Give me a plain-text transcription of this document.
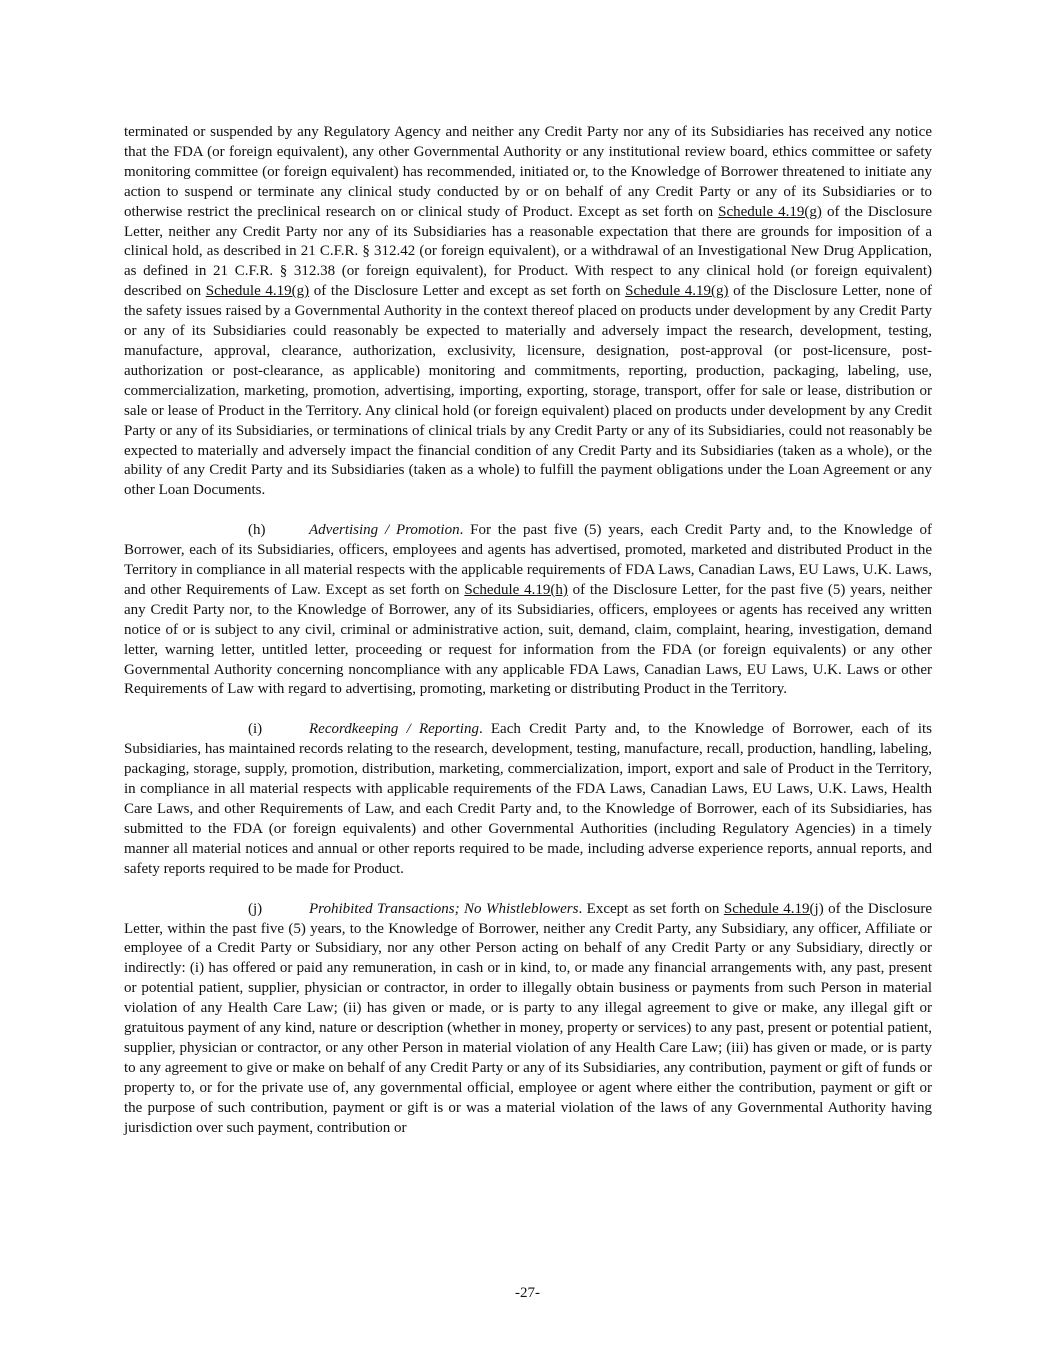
terminated or suspended by any Regulatory Agency and neither any Credit Party nor any of its Subsidiaries has received any notice that the FDA (or foreign equivalent), any other Governmental Authority or any institutional review board, ethics committee or safety monitoring committee (or foreign equivalent) has recommended, initiated or, to the Knowledge of Borrower threatened to initiate any action to suspend or terminate any clinical study conducted by or on behalf of any Credit Party or any of its Subsidiaries or to otherwise restrict the preclinical research on or clinical study of Product. Except as set forth on Schedule 4.19(g) of the Disclosure Letter, neither any Credit Party nor any of its Subsidiaries has a reasonable expectation that there are grounds for imposition of a clinical hold, as described in 21 C.F.R. § 312.42 (or foreign equivalent), or a withdrawal of an Investigational New Drug Application, as defined in 21 C.F.R. § 312.38 (or foreign equivalent), for Product. With respect to any clinical hold (or foreign equivalent) described on Schedule 4.19(g) of the Disclosure Letter and except as set forth on Schedule 4.19(g) of the Disclosure Letter, none of the safety issues raised by a Governmental Authority in the context thereof placed on products under development by any Credit Party or any of its Subsidiaries could reasonably be expected to materially and adversely impact the research, development, testing, manufacture, approval, clearance, authorization, exclusivity, licensure, designation, post-approval (or post-licensure, post-authorization or post-clearance, as applicable) monitoring and commitments, reporting, production, packaging, labeling, use, commercialization, marketing, promotion, advertising, importing, exporting, storage, transport, offer for sale or lease, distribution or sale or lease of Product in the Territory. Any clinical hold (or foreign equivalent) placed on products under development by any Credit Party or any of its Subsidiaries, or terminations of clinical trials by any Credit Party or any of its Subsidiaries, could not reasonably be expected to materially and adversely impact the financial condition of any Credit Party and its Subsidiaries (taken as a whole), or the ability of any Credit Party and its Subsidiaries (taken as a whole) to fulfill the payment obligations under the Loan Agreement or any other Loan Documents.

(h)	Advertising / Promotion. For the past five (5) years, each Credit Party and, to the Knowledge of Borrower, each of its Subsidiaries, officers, employees and agents has advertised, promoted, marketed and distributed Product in the Territory in compliance in all material respects with the applicable requirements of FDA Laws, Canadian Laws, EU Laws, U.K. Laws, and other Requirements of Law. Except as set forth on Schedule 4.19(h) of the Disclosure Letter, for the past five (5) years, neither any Credit Party nor, to the Knowledge of Borrower, any of its Subsidiaries, officers, employees or agents has received any written notice of or is subject to any civil, criminal or administrative action, suit, demand, claim, complaint, hearing, investigation, demand letter, warning letter, untitled letter, proceeding or request for information from the FDA (or foreign equivalents) or any other Governmental Authority concerning noncompliance with any applicable FDA Laws, Canadian Laws, EU Laws, U.K. Laws or other Requirements of Law with regard to advertising, promoting, marketing or distributing Product in the Territory.

(i)	Recordkeeping / Reporting. Each Credit Party and, to the Knowledge of Borrower, each of its Subsidiaries, has maintained records relating to the research, development, testing, manufacture, recall, production, handling, labeling, packaging, storage, supply, promotion, distribution, marketing, commercialization, import, export and sale of Product in the Territory, in compliance in all material respects with applicable requirements of the FDA Laws, Canadian Laws, EU Laws, U.K. Laws, Health Care Laws, and other Requirements of Law, and each Credit Party and, to the Knowledge of Borrower, each of its Subsidiaries, has submitted to the FDA (or foreign equivalents) and other Governmental Authorities (including Regulatory Agencies) in a timely manner all material notices and annual or other reports required to be made, including adverse experience reports, annual reports, and safety reports required to be made for Product.

(j)	Prohibited Transactions; No Whistleblowers. Except as set forth on Schedule 4.19(j) of the Disclosure Letter, within the past five (5) years, to the Knowledge of Borrower, neither any Credit Party, any Subsidiary, any officer, Affiliate or employee of a Credit Party or Subsidiary, nor any other Person acting on behalf of any Credit Party or any Subsidiary, directly or indirectly: (i) has offered or paid any remuneration, in cash or in kind, to, or made any financial arrangements with, any past, present or potential patient, supplier, physician or contractor, in order to illegally obtain business or payments from such Person in material violation of any Health Care Law; (ii) has given or made, or is party to any illegal agreement to give or make, any illegal gift or gratuitous payment of any kind, nature or description (whether in money, property or services) to any past, present or potential patient, supplier, physician or contractor, or any other Person in material violation of any Health Care Law; (iii) has given or made, or is party to any agreement to give or make on behalf of any Credit Party or any of its Subsidiaries, any contribution, payment or gift of funds or property to, or for the private use of, any governmental official, employee or agent where either the contribution, payment or gift or the purpose of such contribution, payment or gift is or was a material violation of the laws of any Governmental Authority having jurisdiction over such payment, contribution or

-27-
